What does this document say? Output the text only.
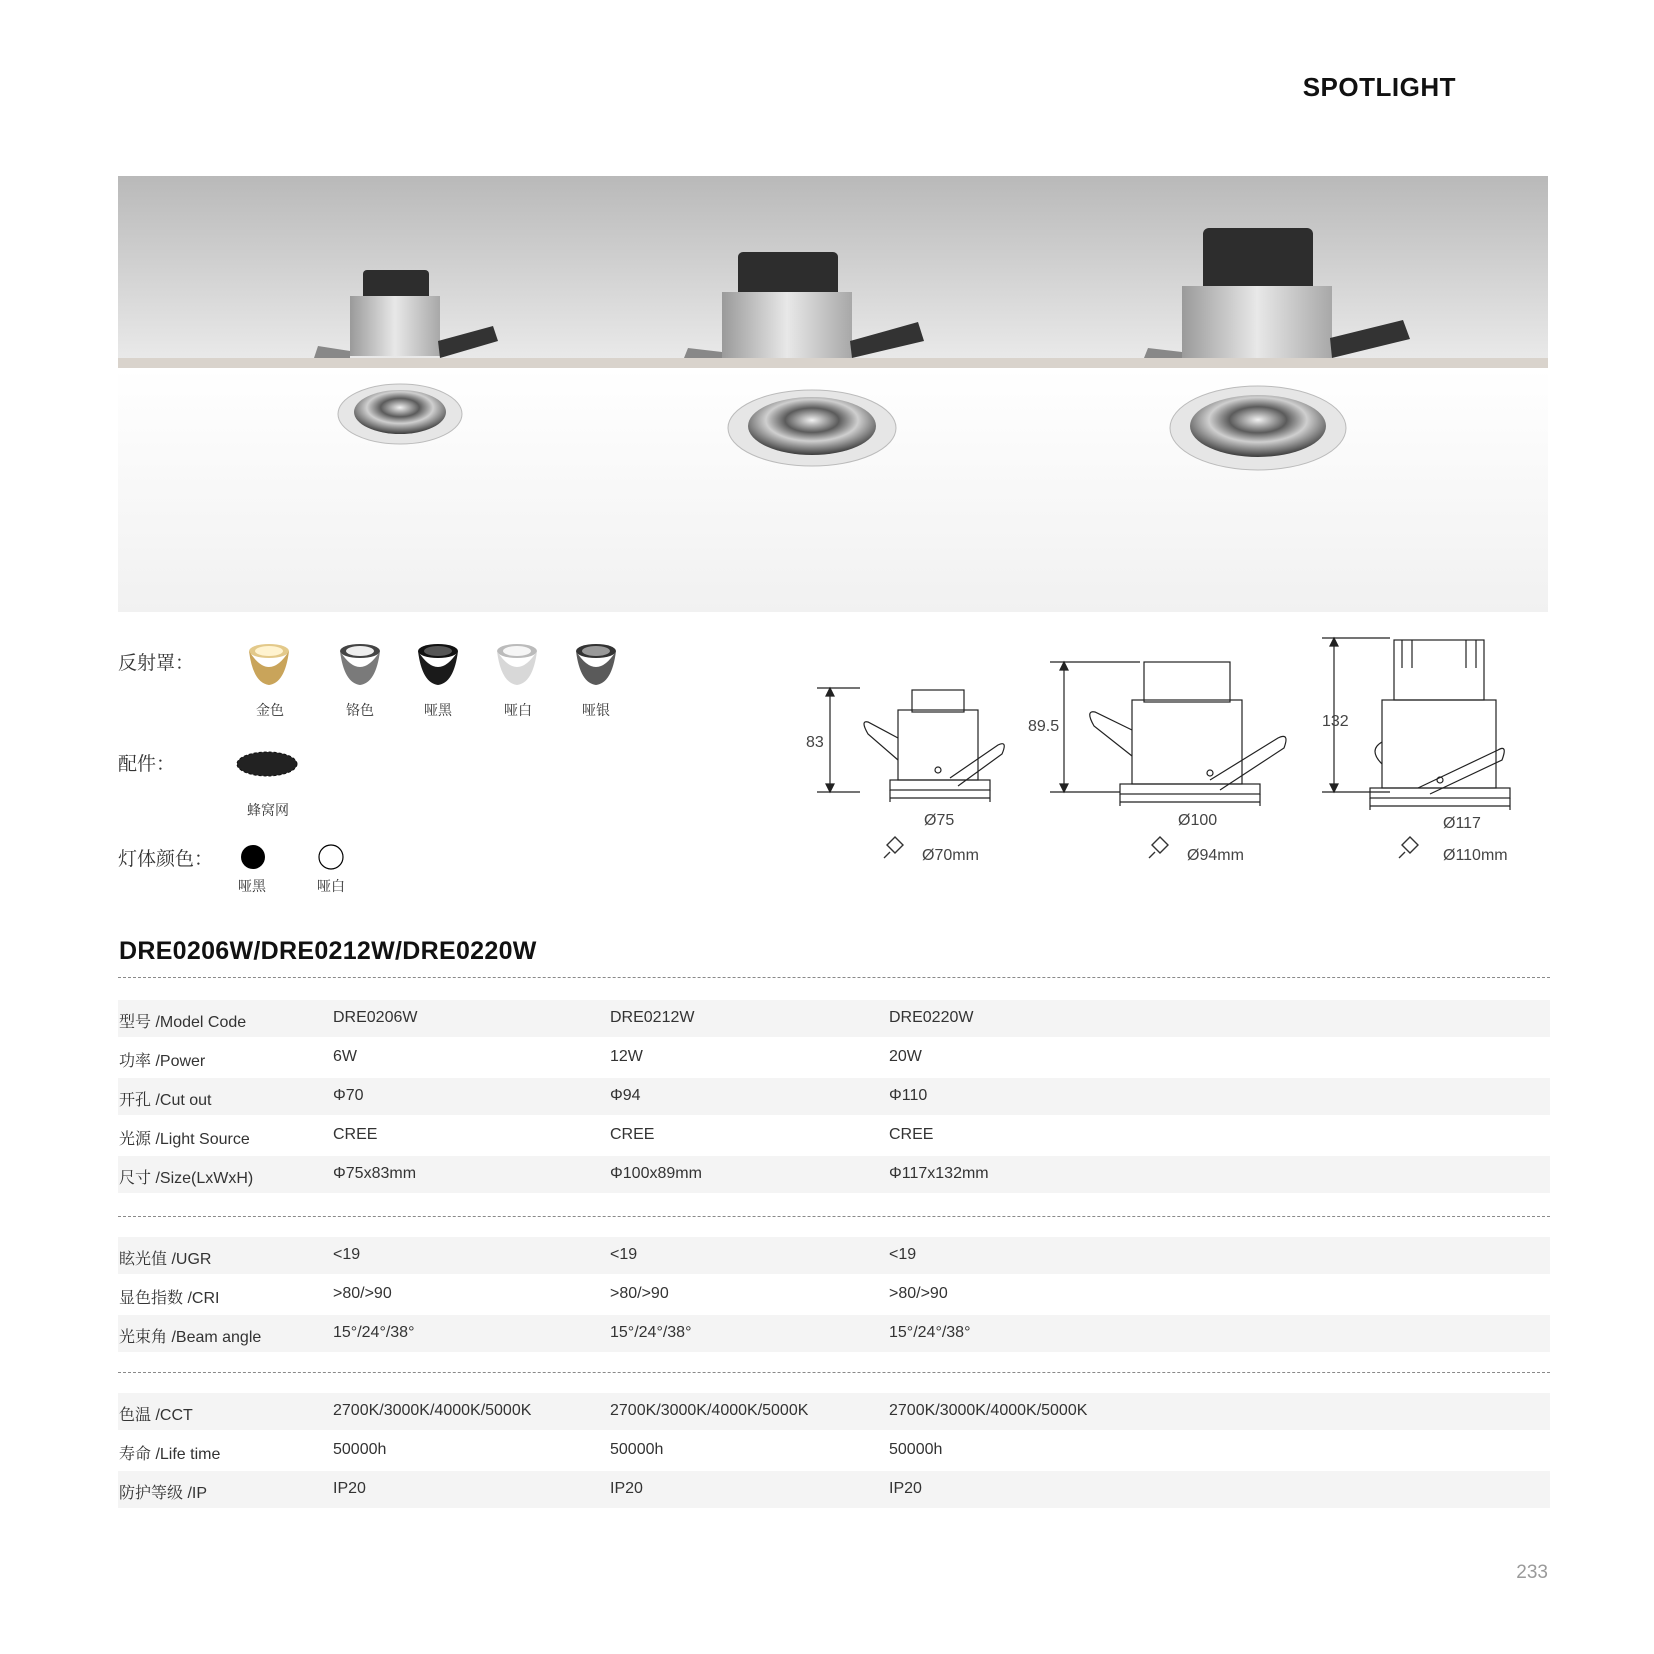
SPOTLIGHT
反射罩：
金色	铬色	哑黑	哑白	哑银
配件：
蜂窝网
灯体颜色：
哑黑	哑白
83
Ø75
Ø70mm
89.5
Ø100
Ø94mm
132
Ø117
Ø110mm
DRE0206W/DRE0212W/DRE0220W
型号 /Model Code	DRE0206W	DRE0212W	DRE0220W
功率 /Power	6W	12W	20W
开孔 /Cut out	Φ70	Φ94	Φ110
光源 /Light Source	CREE	CREE	CREE
尺寸 /Size(LxWxH)	Φ75x83mm	Φ100x89mm	Φ117x132mm
眩光值 /UGR	<19	<19	<19
显色指数 /CRI	>80/>90	>80/>90	>80/>90
光束角 /Beam angle	15°/24°/38°	15°/24°/38°	15°/24°/38°
色温 /CCT	2700K/3000K/4000K/5000K	2700K/3000K/4000K/5000K	2700K/3000K/4000K/5000K
寿命 /Life time	50000h	50000h	50000h
防护等级 /IP	IP20	IP20	IP20
233
